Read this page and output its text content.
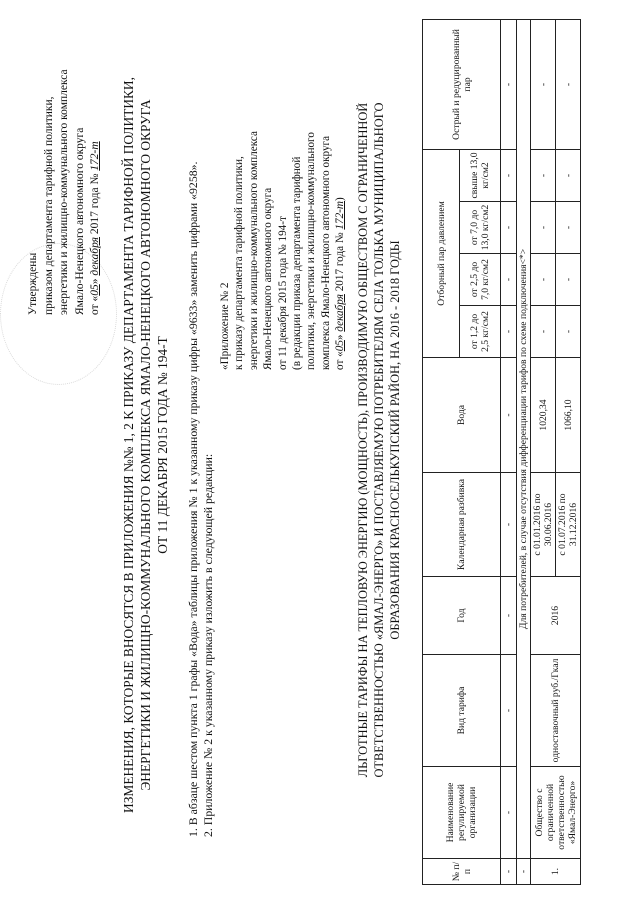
Утверждены приказом департамента тарифной политики, энергетики и жилищно-коммунального комплекса Ямало-Ненецкого автономного округа от «05» декабря 2017 года № 172-т ИЗМЕНЕНИЯ, КОТОРЫЕ ВНОСЯТСЯ В ПРИЛОЖЕНИЯ №№ 1, 2 К ПРИКАЗУ ДЕПАРТАМЕНТА ТАРИФНОЙ ПОЛИТИКИ, ЭНЕРГЕТИКИ И ЖИЛИЩНО-КОММУНАЛЬНОГО КОМПЛЕКСА ЯМАЛО-НЕНЕЦКОГО АВТОНОМНОГО ОКРУГА ОТ 11 ДЕКАБРЯ 2015 ГОДА № 194-Т 1. В абзаце шестом пункта 1 графы «Вода» таблицы приложения № 1 к указанному приказу цифры «9633» заменить цифрами «9258». 2. Приложение № 2 к указанному приказу изложить в следующей редакции:
«Приложение № 2 к приказу департамента тарифной политики, энергетики и жилищно-коммунального комплекса Ямало-Ненецкого автономного округа от 11 декабря 2015 года № 194-т (в редакции приказа департамента тарифной политики, энергетики и жилищно-коммунального комплекса Ямало-Ненецкого автономного округа от «05» декабря 2017 года № 172-т) ЛЬГОТНЫЕ ТАРИФЫ НА ТЕПЛОВУЮ ЭНЕРГИЮ (МОЩНОСТЬ), ПРОИЗВОДИМУЮ ОБЩЕСТВОМ С ОГРАНИЧЕННОЙ ОТВЕТСТВЕННОСТЬЮ «ЯМАЛ-ЭНЕРГО» И ПОСТАВЛЯЕМУЮ ПОТРЕБИТЕЛЯМ СЕЛА ТОЛЬКА МУНИЦИПАЛЬНОГО ОБРАЗОВАНИЯ КРАСНОСЕЛЬКУПСКИЙ РАЙОН, НА 2016 - 2018 ГОДЫ
№ п/п	Наименование регулируемой организации	Вид тарифа	Год	Календарная разбивка	Вода	Отборный пар давлением				Острый и редуцированный пар
						от 1,2 до 2,5 кг/см2	от 2,5 до 7,0 кг/см2	от 7,0 до 13,0 кг/см2	свыше 13,0 кг/см2	
-	-	-	-	-	-	-	-	-	-	-
-	Для потребителей, в случае отсутствия дифференциации тарифов по схеме подключения<*>									
1.	Общество с ограниченной ответственностью «Ямал-Энерго»	одноставочный руб./Гкал	2016	с 01.01.2016 по 30.06.2016	1020,34	-	-	-	-	-
				с 01.07.2016 по 31.12.2016	1066,10	-	-	-	-	-
